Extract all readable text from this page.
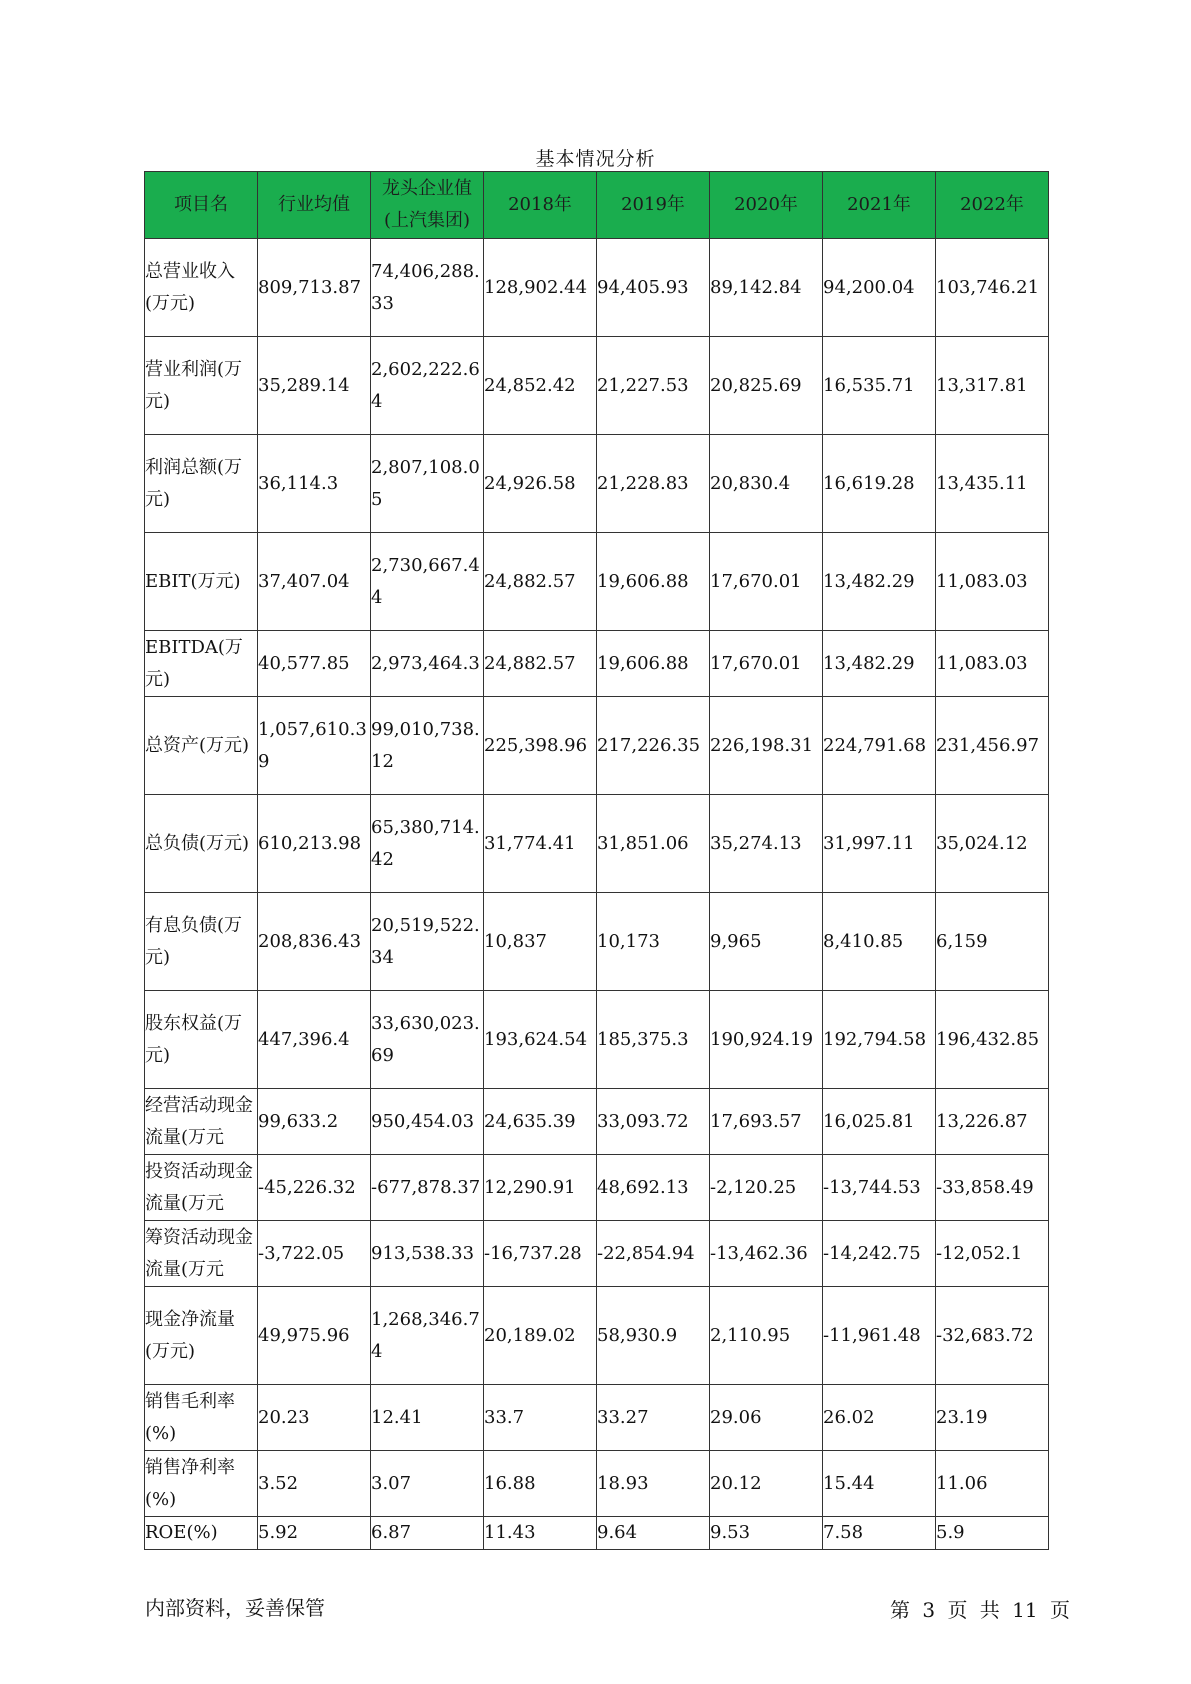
基本情况分析
项目名	行业均值	龙头企业值(上汽集团)	2018年	2019年	2020年	2021年	2022年
总营业收入(万元)	809,713.87	74,406,288.33	128,902.44	94,405.93	89,142.84	94,200.04	103,746.21
营业利润(万元)	35,289.14	2,602,222.64	24,852.42	21,227.53	20,825.69	16,535.71	13,317.81
利润总额(万元)	36,114.3	2,807,108.05	24,926.58	21,228.83	20,830.4	16,619.28	13,435.11
EBIT(万元)	37,407.04	2,730,667.44	24,882.57	19,606.88	17,670.01	13,482.29	11,083.03
EBITDA(万元)	40,577.85	2,973,464.3	24,882.57	19,606.88	17,670.01	13,482.29	11,083.03
总资产(万元)	1,057,610.39	99,010,738.12	225,398.96	217,226.35	226,198.31	224,791.68	231,456.97
总负债(万元)	610,213.98	65,380,714.42	31,774.41	31,851.06	35,274.13	31,997.11	35,024.12
有息负债(万元)	208,836.43	20,519,522.34	10,837	10,173	9,965	8,410.85	6,159
股东权益(万元)	447,396.4	33,630,023.69	193,624.54	185,375.3	190,924.19	192,794.58	196,432.85
经营活动现金流量(万元	99,633.2	950,454.03	24,635.39	33,093.72	17,693.57	16,025.81	13,226.87
投资活动现金流量(万元	-45,226.32	-677,878.37	12,290.91	48,692.13	-2,120.25	-13,744.53	-33,858.49
筹资活动现金流量(万元	-3,722.05	913,538.33	-16,737.28	-22,854.94	-13,462.36	-14,242.75	-12,052.1
现金净流量(万元)	49,975.96	1,268,346.74	20,189.02	58,930.9	2,110.95	-11,961.48	-32,683.72
销售毛利率(%)	20.23	12.41	33.7	33.27	29.06	26.02	23.19
销售净利率(%)	3.52	3.07	16.88	18.93	20.12	15.44	11.06
ROE(%)	5.92	6.87	11.43	9.64	9.53	7.58	5.9
内部资料，妥善保管	第 3 页 共 11 页
